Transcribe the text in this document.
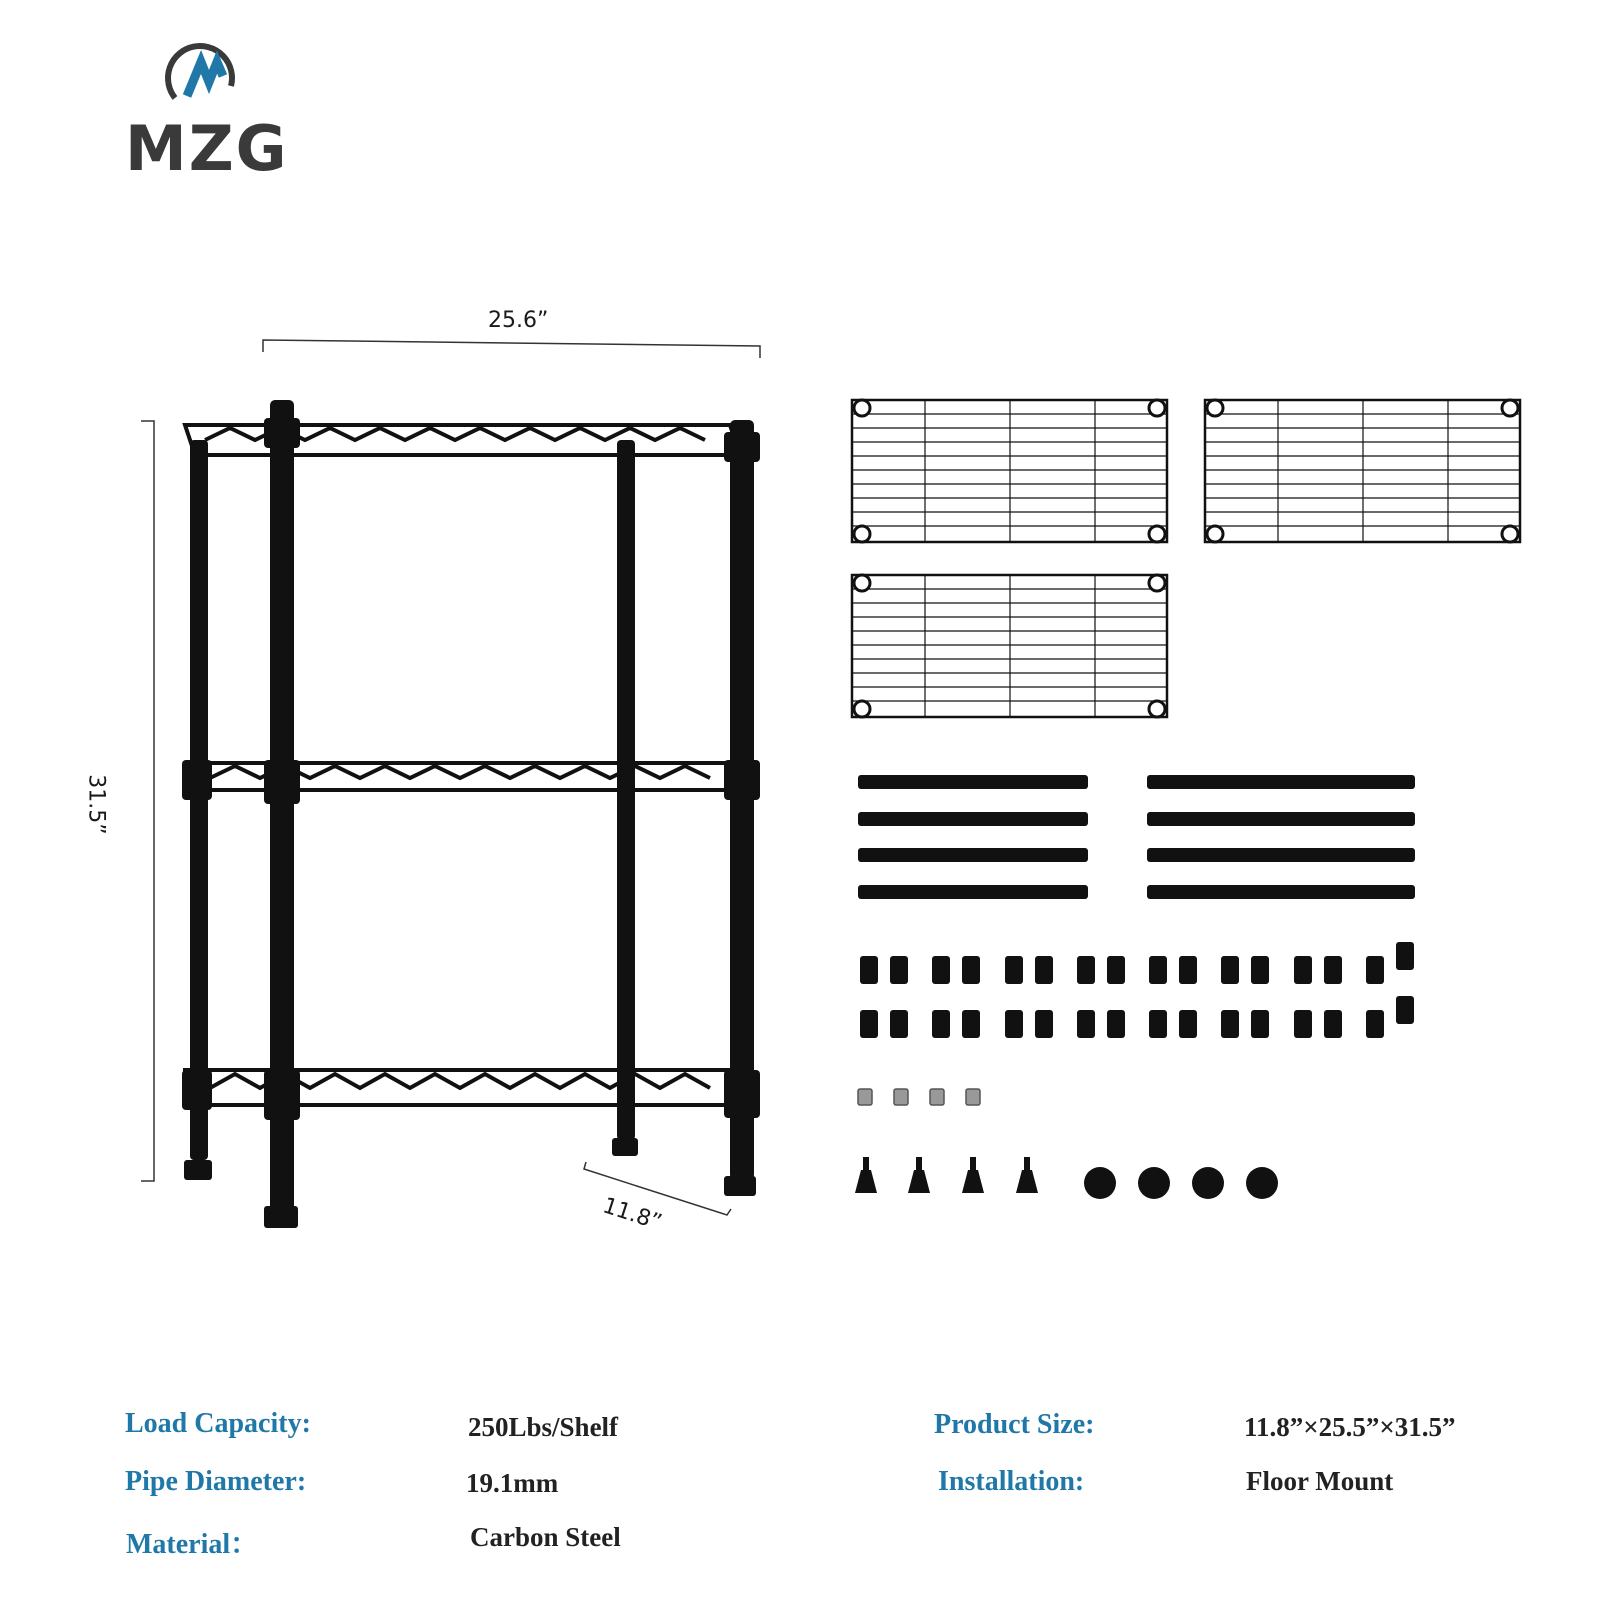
MZG
25.6”
31.5”
11.8”
Load Capacity:	250Lbs/Shelf
Pipe Diameter:	19.1mm
Material：	Carbon Steel
Product Size:	11.8”×25.5”×31.5”
Installation:	Floor Mount
